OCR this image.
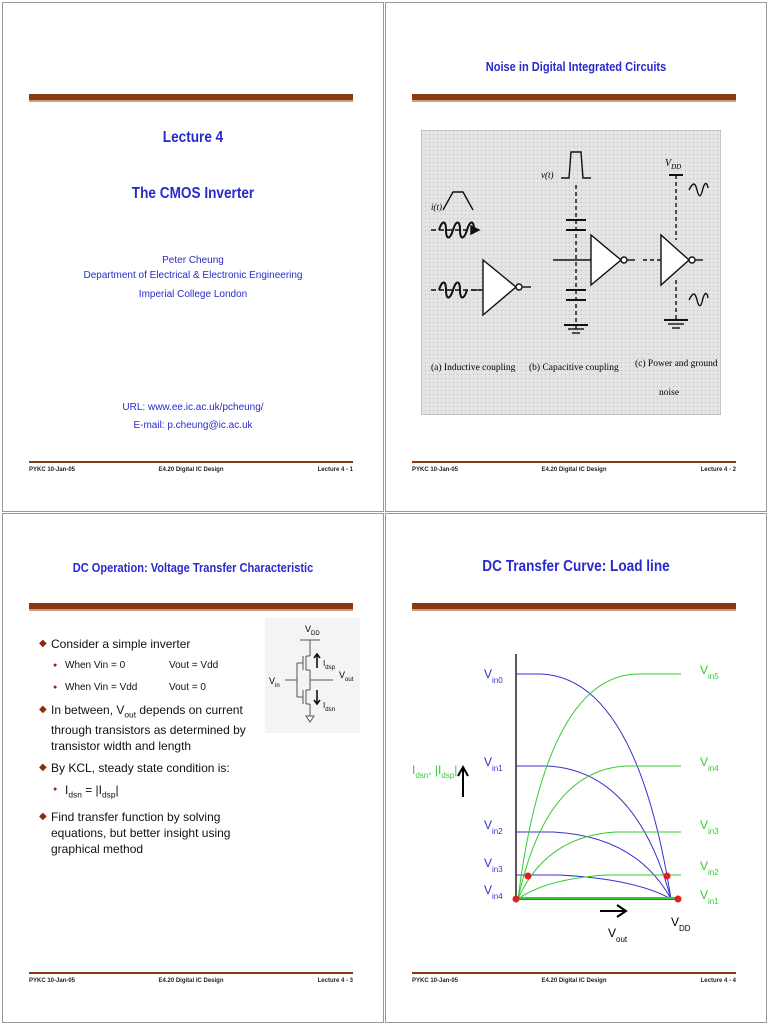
Lecture 4
The CMOS Inverter
Peter Cheung
Department of Electrical & Electronic Engineering
Imperial College London
URL: www.ee.ic.ac.uk/pcheung/
E-mail: p.cheung@ic.ac.uk
PYKC 10-Jan-05	E4.20 Digital IC Design	Lecture 4 - 1
Noise in Digital Integrated Circuits
i(t)
v(t)
$V_{DD}$
(a) Inductive coupling (b) Capacitive coupling (c) Power and ground
noise
PYKC 10-Jan-05	E4.20 Digital IC Design	Lecture 4 - 2
DC Operation: Voltage Transfer Characteristic
◆ Consider a simple inverter
● When Vin = 0	Vout = Vdd
● When Vin = Vdd	Vout = 0
◆ In between, $V_{out}$ depends on current through transistors as determined by transistor width and length
◆ By KCL, steady state condition is:
● $I_{dsn} = |I_{dsp}|$
◆ Find transfer function by solving equations, but better insight using graphical method
$V_{DD}$
$V_{in}$
$V_{out}$
$I_{dsp}$
$I_{dsn}$
PYKC 10-Jan-05	E4.20 Digital IC Design	Lecture 4 - 3
DC Transfer Curve: Load line
$V_{in0}$
$V_{in1}$
$V_{in2}$
$V_{in3}$
$V_{in4}$
$V_{in5}$
$V_{in4}$
$V_{in3}$
$V_{in2}$
$V_{in1}$
$I_{dsn}$, $|I_{dsp}|$
$V_{out}$
$V_{DD}$
PYKC 10-Jan-05	E4.20 Digital IC Design	Lecture 4 - 4
